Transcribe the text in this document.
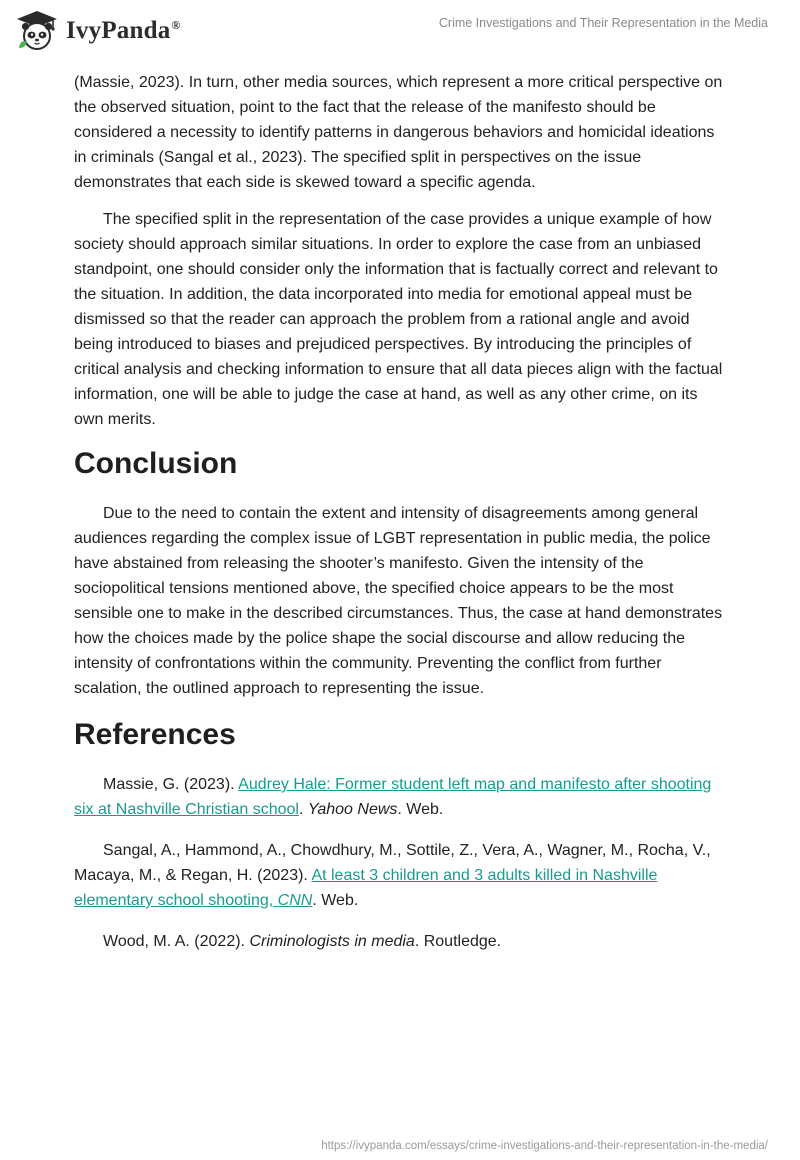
IvyPanda®	Crime Investigations and Their Representation in the Media

(Massie, 2023). In turn, other media sources, which represent a more critical perspective on the observed situation, point to the fact that the release of the manifesto should be considered a necessity to identify patterns in dangerous behaviors and homicidal ideations in criminals (Sangal et al., 2023). The specified split in perspectives on the issue demonstrates that each side is skewed toward a specific agenda.

The specified split in the representation of the case provides a unique example of how society should approach similar situations. In order to explore the case from an unbiased standpoint, one should consider only the information that is factually correct and relevant to the situation. In addition, the data incorporated into media for emotional appeal must be dismissed so that the reader can approach the problem from a rational angle and avoid being introduced to biases and prejudiced perspectives. By introducing the principles of critical analysis and checking information to ensure that all data pieces align with the factual information, one will be able to judge the case at hand, as well as any other crime, on its own merits.

Conclusion

Due to the need to contain the extent and intensity of disagreements among general audiences regarding the complex issue of LGBT representation in public media, the police have abstained from releasing the shooter’s manifesto. Given the intensity of the sociopolitical tensions mentioned above, the specified choice appears to be the most sensible one to make in the described circumstances. Thus, the case at hand demonstrates how the choices made by the police shape the social discourse and allow reducing the intensity of confrontations within the community. Preventing the conflict from further scalation, the outlined approach to representing the issue.

References

Massie, G. (2023). Audrey Hale: Former student left map and manifesto after shooting six at Nashville Christian school. Yahoo News. Web.

Sangal, A., Hammond, A., Chowdhury, M., Sottile, Z., Vera, A., Wagner, M., Rocha, V., Macaya, M., & Regan, H. (2023). At least 3 children and 3 adults killed in Nashville elementary school shooting, CNN. Web.

Wood, M. A. (2022). Criminologists in media. Routledge.

https://ivypanda.com/essays/crime-investigations-and-their-representation-in-the-media/
